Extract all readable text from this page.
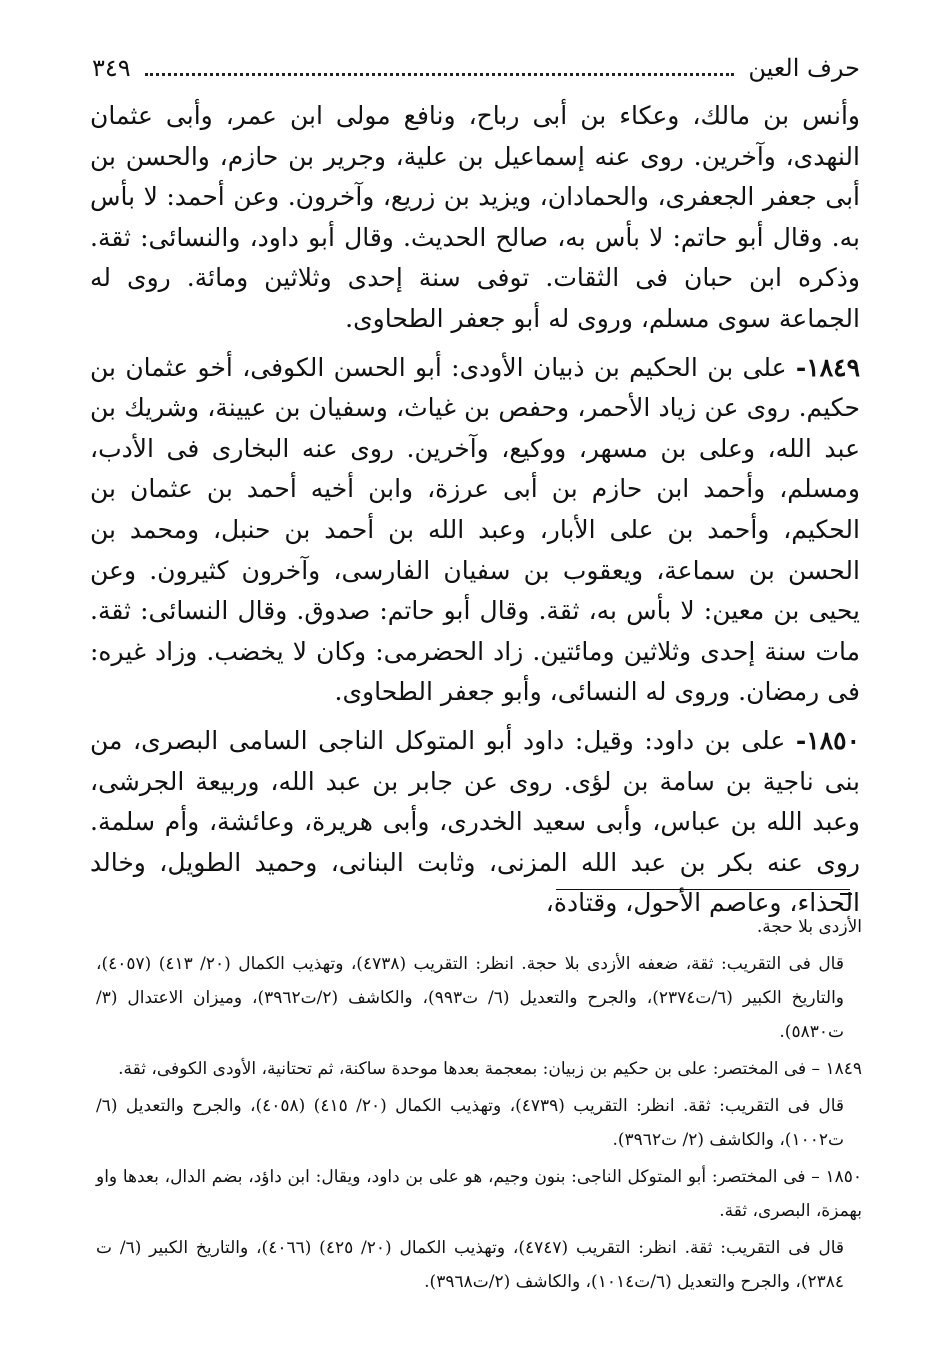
حرف العين
٣٤٩

وأنس بن مالك، وعكاء بن أبى رباح، ونافع مولى ابن عمر، وأبى عثمان النهدى، وآخرين. روى عنه إسماعيل بن علية، وجرير بن حازم، والحسن بن أبى جعفر الجعفرى، والحمادان، ويزيد بن زريع، وآخرون. وعن أحمد: لا بأس به. وقال أبو حاتم: لا بأس به، صالح الحديث. وقال أبو داود، والنسائى: ثقة. وذكره ابن حبان فى الثقات. توفى سنة إحدى وثلاثين ومائة. روى له الجماعة سوى مسلم، وروى له أبو جعفر الطحاوى.

١٨٤٩- على بن الحكيم بن ذبيان الأودى: أبو الحسن الكوفى، أخو عثمان بن حكيم. روى عن زياد الأحمر، وحفص بن غياث، وسفيان بن عيينة، وشريك بن عبد الله، وعلى بن مسهر، ووكيع، وآخرين. روى عنه البخارى فى الأدب، ومسلم، وأحمد ابن حازم بن أبى عرزة، وابن أخيه أحمد بن عثمان بن الحكيم، وأحمد بن على الأبار، وعبد الله بن أحمد بن حنبل، ومحمد بن الحسن بن سماعة، ويعقوب بن سفيان الفارسى، وآخرون كثيرون. وعن يحيى بن معين: لا بأس به، ثقة. وقال أبو حاتم: صدوق. وقال النسائى: ثقة. مات سنة إحدى وثلاثين ومائتين. زاد الحضرمى: وكان لا يخضب. وزاد غيره: فى رمضان. وروى له النسائى، وأبو جعفر الطحاوى.

١٨٥٠- على بن داود: وقيل: داود أبو المتوكل الناجى السامى البصرى، من بنى ناجية بن سامة بن لؤى. روى عن جابر بن عبد الله، وربيعة الجرشى، وعبد الله بن عباس، وأبى سعيد الخدرى، وأبى هريرة، وعائشة، وأم سلمة. روى عنه بكر بن عبد الله المزنى، وثابت البنانى، وحميد الطويل، وخالد الحذاء، وعاصم الأحول، وقتادة،

الأزدى بلا حجة.

قال فى التقريب: ثقة، ضعفه الأزدى بلا حجة. انظر: التقريب (٤٧٣٨)، وتهذيب الكمال (٢٠/ ٤١٣) (٤٠٥٧)، والتاريخ الكبير (٦/ت٢٣٧٤)، والجرح والتعديل (٦/ ت٩٩٣)، والكاشف (٢/ت٣٩٦٢)، وميزان الاعتدال (٣/ت٥٨٣٠).

١٨٤٩ – فى المختصر: على بن حكيم بن زبيان: بمعجمة بعدها موحدة ساكنة، ثم تحتانية، الأودى الكوفى، ثقة.

قال فى التقريب: ثقة. انظر: التقريب (٤٧٣٩)، وتهذيب الكمال (٢٠/ ٤١٥) (٤٠٥٨)، والجرح والتعديل (٦/ ت١٠٠٢)، والكاشف (٢/ ت٣٩٦٢).

١٨٥٠ – فى المختصر: أبو المتوكل الناجى: بنون وجيم، هو على بن داود، ويقال: ابن داؤد، بضم الدال، بعدها واو بهمزة، البصرى، ثقة.

قال فى التقريب: ثقة. انظر: التقريب (٤٧٤٧)، وتهذيب الكمال (٢٠/ ٤٢٥) (٤٠٦٦)، والتاريخ الكبير (٦/ ت ٢٣٨٤)، والجرح والتعديل (٦/ت١٠١٤)، والكاشف (٢/ت٣٩٦٨).
